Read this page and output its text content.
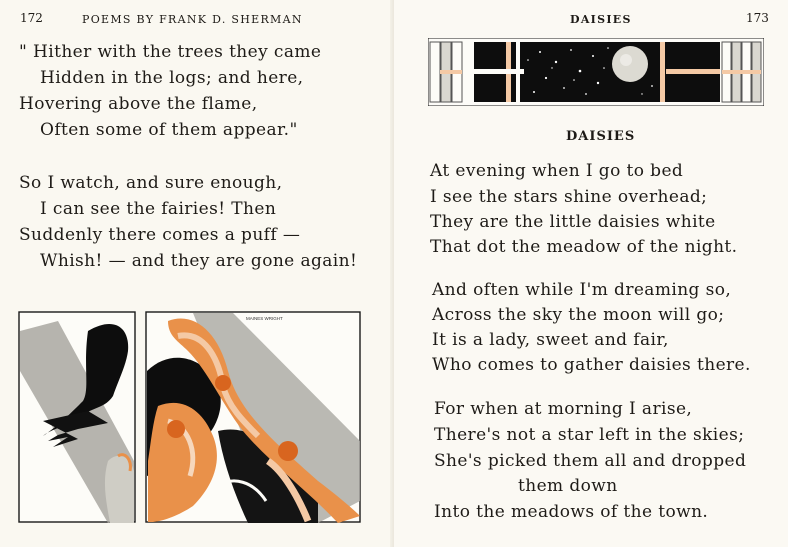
172	POEMS BY FRANK D. SHERMAN
" Hither with the trees they came
Hidden in the logs; and here,
Hovering above the flame,
Often some of them appear."
So I watch, and sure enough,
I can see the fairies! Then
Suddenly there comes a puff —
Whish! — and they are gone again!
MAINES WRIGHT
DAISIES	173
DAISIES
At evening when I go to bed
I see the stars shine overhead;
They are the little daisies white
That dot the meadow of the night.
And often while I'm dreaming so,
Across the sky the moon will go;
It is a lady, sweet and fair,
Who comes to gather daisies there.
For when at morning I arise,
There's not a star left in the skies;
She's picked them all and dropped
them down
Into the meadows of the town.
